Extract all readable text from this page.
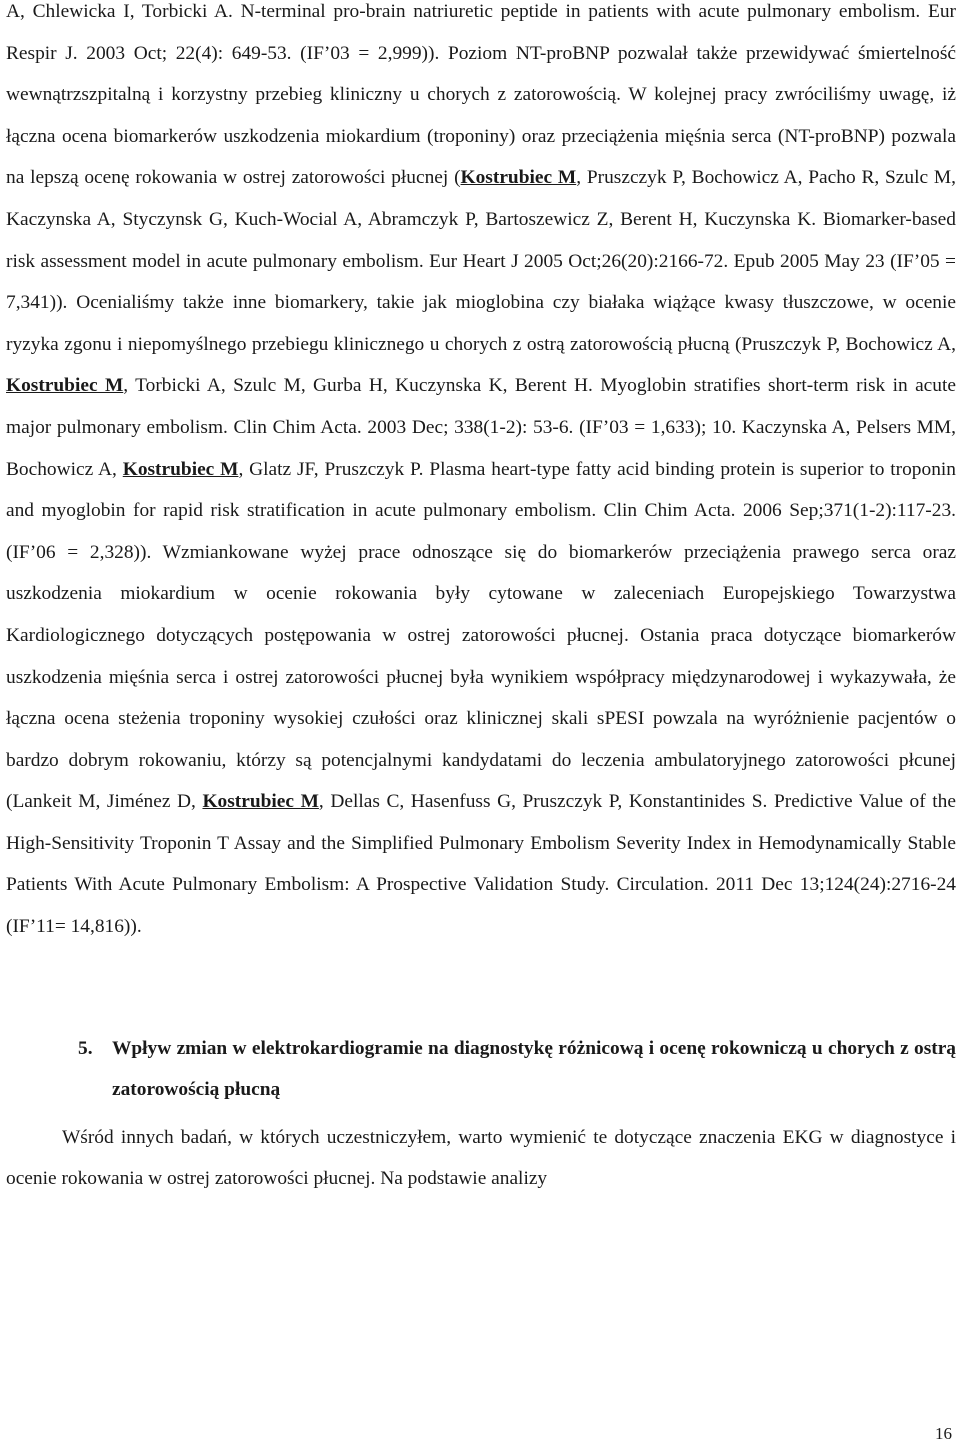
A, Chlewicka I, Torbicki A. N-terminal pro-brain natriuretic peptide in patients with acute pulmonary embolism. Eur Respir J. 2003 Oct; 22(4): 649-53. (IF’03 = 2,999)). Poziom NT-proBNP pozwalał także przewidywać śmiertelność wewnątrzszpitalną i korzystny przebieg kliniczny u chorych z zatorowością. W kolejnej pracy zwróciliśmy uwagę, iż łączna ocena biomarkerów uszkodzenia miokardium (troponiny) oraz przeciążenia mięśnia serca (NT-proBNP) pozwala na lepszą ocenę rokowania w ostrej zatorowości płucnej (Kostrubiec M, Pruszczyk P, Bochowicz A, Pacho R, Szulc M, Kaczynska A, Styczynsk G, Kuch-Wocial A, Abramczyk P, Bartoszewicz Z, Berent H, Kuczynska K. Biomarker-based risk assessment model in acute pulmonary embolism. Eur Heart J 2005 Oct;26(20):2166-72. Epub 2005 May 23 (IF’05 = 7,341)). Ocenialiśmy także inne biomarkery, takie jak mioglobina czy białaka wiążące kwasy tłuszczowe, w ocenie ryzyka zgonu i niepomyślnego przebiegu klinicznego u chorych z ostrą zatorowością płucną (Pruszczyk P, Bochowicz A, Kostrubiec M, Torbicki A, Szulc M, Gurba H, Kuczynska K, Berent H. Myoglobin stratifies short-term risk in acute major pulmonary embolism. Clin Chim Acta. 2003 Dec; 338(1-2): 53-6. (IF’03 = 1,633); 10. Kaczynska A, Pelsers MM, Bochowicz A, Kostrubiec M, Glatz JF, Pruszczyk P. Plasma heart-type fatty acid binding protein is superior to troponin and myoglobin for rapid risk stratification in acute pulmonary embolism. Clin Chim Acta. 2006 Sep;371(1-2):117-23. (IF’06 = 2,328)). Wzmiankowane wyżej prace odnoszące się do biomarkerów przeciążenia prawego serca oraz uszkodzenia miokardium w ocenie rokowania były cytowane w zaleceniach Europejskiego Towarzystwa Kardiologicznego dotyczących postępowania w ostrej zatorowości płucnej. Ostania praca dotyczące biomarkerów uszkodzenia mięśnia serca i ostrej zatorowości płucnej była wynikiem współpracy międzynarodowej i wykazywała, że łączna ocena steżenia troponiny wysokiej czułości oraz klinicznej skali sPESI powzala na wyróżnienie pacjentów o bardzo dobrym rokowaniu, którzy są potencjalnymi kandydatami do leczenia ambulatoryjnego zatorowości płcunej (Lankeit M, Jiménez D, Kostrubiec M, Dellas C, Hasenfuss G, Pruszczyk P, Konstantinides S. Predictive Value of the High-Sensitivity Troponin T Assay and the Simplified Pulmonary Embolism Severity Index in Hemodynamically Stable Patients With Acute Pulmonary Embolism: A Prospective Validation Study. Circulation. 2011 Dec 13;124(24):2716-24 (IF’11= 14,816)).

5. Wpływ zmian w elektrokardiogramie na diagnostykę różnicową i ocenę rokowniczą u chorych z ostrą zatorowością płucną

Wśród innych badań, w których uczestniczyłem, warto wymienić te dotyczące znaczenia EKG w diagnostyce i ocenie rokowania w ostrej zatorowości płucnej. Na podstawie analizy

16
